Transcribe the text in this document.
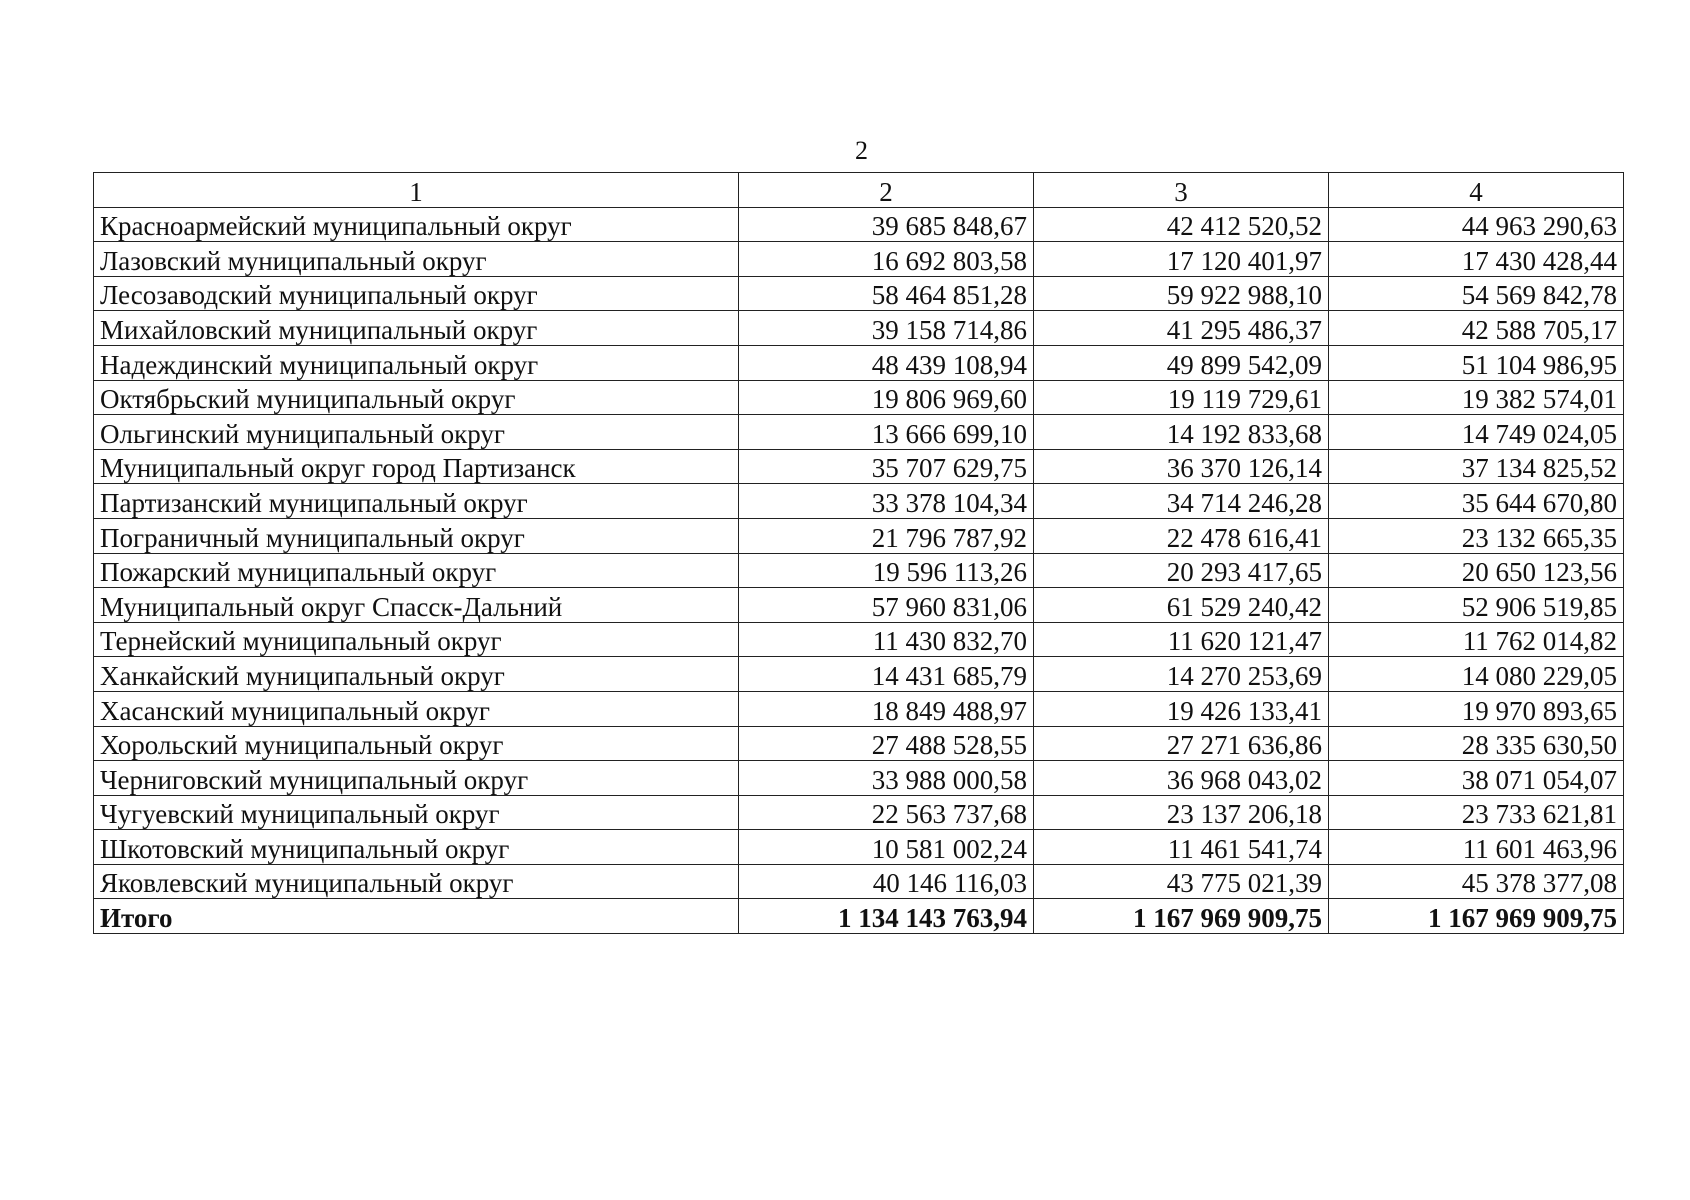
2
1	2	3	4
Красноармейский муниципальный округ	39 685 848,67	42 412 520,52	44 963 290,63
Лазовский муниципальный округ	16 692 803,58	17 120 401,97	17 430 428,44
Лесозаводский муниципальный округ	58 464 851,28	59 922 988,10	54 569 842,78
Михайловский муниципальный округ	39 158 714,86	41 295 486,37	42 588 705,17
Надеждинский муниципальный округ	48 439 108,94	49 899 542,09	51 104 986,95
Октябрьский муниципальный округ	19 806 969,60	19 119 729,61	19 382 574,01
Ольгинский муниципальный округ	13 666 699,10	14 192 833,68	14 749 024,05
Муниципальный округ город Партизанск	35 707 629,75	36 370 126,14	37 134 825,52
Партизанский муниципальный округ	33 378 104,34	34 714 246,28	35 644 670,80
Пограничный муниципальный округ	21 796 787,92	22 478 616,41	23 132 665,35
Пожарский муниципальный округ	19 596 113,26	20 293 417,65	20 650 123,56
Муниципальный округ Спасск-Дальний	57 960 831,06	61 529 240,42	52 906 519,85
Тернейский муниципальный округ	11 430 832,70	11 620 121,47	11 762 014,82
Ханкайский муниципальный округ	14 431 685,79	14 270 253,69	14 080 229,05
Хасанский муниципальный округ	18 849 488,97	19 426 133,41	19 970 893,65
Хорольский муниципальный округ	27 488 528,55	27 271 636,86	28 335 630,50
Черниговский муниципальный округ	33 988 000,58	36 968 043,02	38 071 054,07
Чугуевский муниципальный округ	22 563 737,68	23 137 206,18	23 733 621,81
Шкотовский муниципальный округ	10 581 002,24	11 461 541,74	11 601 463,96
Яковлевский муниципальный округ	40 146 116,03	43 775 021,39	45 378 377,08
Итого	1 134 143 763,94	1 167 969 909,75	1 167 969 909,75
